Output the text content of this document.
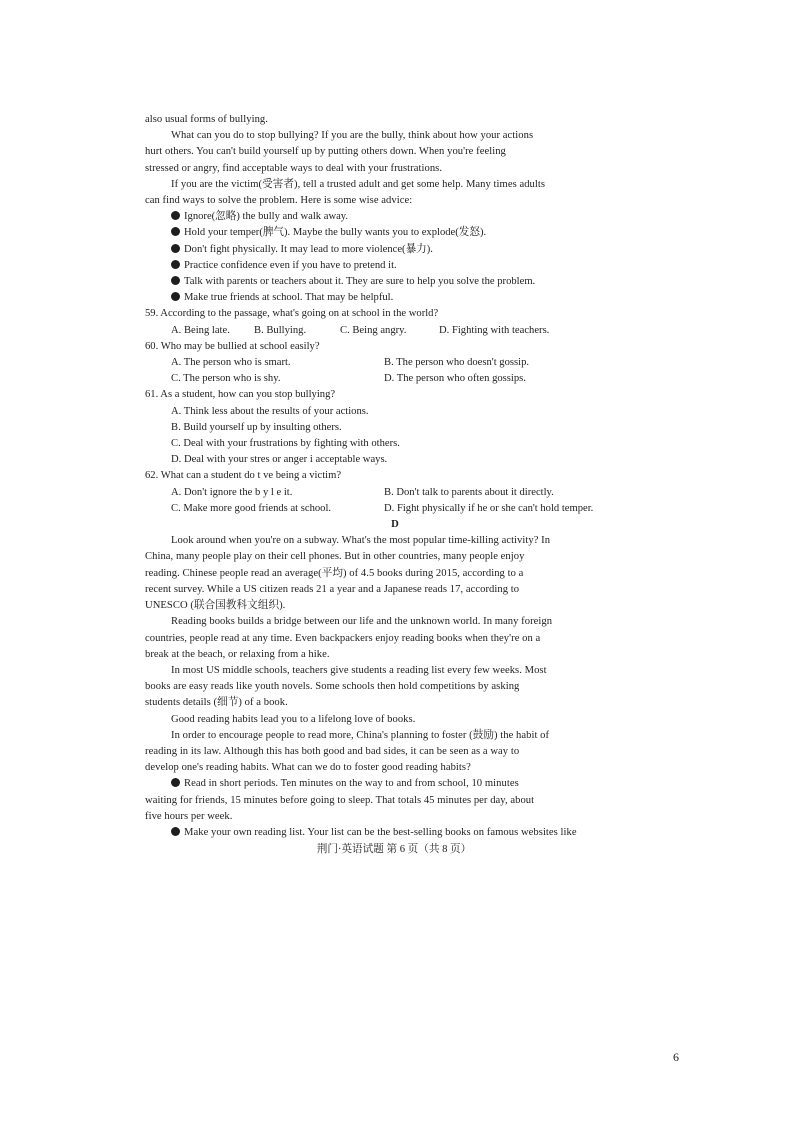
also usual forms of bullying.
What can you do to stop bullying? If you are the bully, think about how your actions
hurt others. You can't build yourself up by putting others down. When you're feeling
stressed or angry, find acceptable ways to deal with your frustrations.
If you are the victim(受害者), tell a trusted adult and get some help. Many times adults
can find ways to solve the problem. Here is some wise advice:
Ignore(忽略) the bully and walk away.
Hold your temper(脾气). Maybe the bully wants you to explode(发怒).
Don't fight physically. It may lead to more violence(暴力).
Practice confidence even if you have to pretend it.
Talk with parents or teachers about it. They are sure to help you solve the problem.
Make true friends at school. That may be helpful.
59. According to the passage, what's going on at school in the world?
A. Being late.	B. Bullying.	C. Being angry.	D. Fighting with teachers.
60. Who may be bullied at school easily?
A. The person who is smart.	B. The person who doesn't gossip.
C. The person who is shy.	D. The person who often gossips.
61. As a student, how can you stop bullying?
A. Think less about the results of your actions.
B. Build yourself up by insulting others.
C. Deal with your frustrations by fighting with others.
D. Deal with your stres or anger i acceptable ways.
62. What can a student do t ve being a victim?
A. Don't ignore the b y l e it.	B. Don't talk to parents about it directly.
C. Make more good friends at school.	D. Fight physically if he or she can't hold temper.
D
Look around when you're on a subway. What's the most popular time-killing activity? In
China, many people play on their cell phones. But in other countries, many people enjoy
reading. Chinese people read an average(平均) of 4.5 books during 2015, according to a
recent survey. While a US citizen reads 21 a year and a Japanese reads 17, according to
UNESCO (联合国教科文组织).
Reading books builds a bridge between our life and the unknown world. In many foreign
countries, people read at any time. Even backpackers enjoy reading books when they're on a
break at the beach, or relaxing from a hike.
In most US middle schools, teachers give students a reading list every few weeks. Most
books are easy reads like youth novels. Some schools then hold competitions by asking
students details (细节) of a book.
Good reading habits lead you to a lifelong love of books.
In order to encourage people to read more, China's planning to foster (鼓励) the habit of
reading in its law. Although this has both good and bad sides, it can be seen as a way to
develop one's reading habits. What can we do to foster good reading habits?
Read in short periods. Ten minutes on the way to and from school, 10 minutes
waiting for friends, 15 minutes before going to sleep. That totals 45 minutes per day, about
five hours per week.
Make your own reading list. Your list can be the best-selling books on famous websites like
荆门·英语试题 第 6 页（共 8 页）
6
